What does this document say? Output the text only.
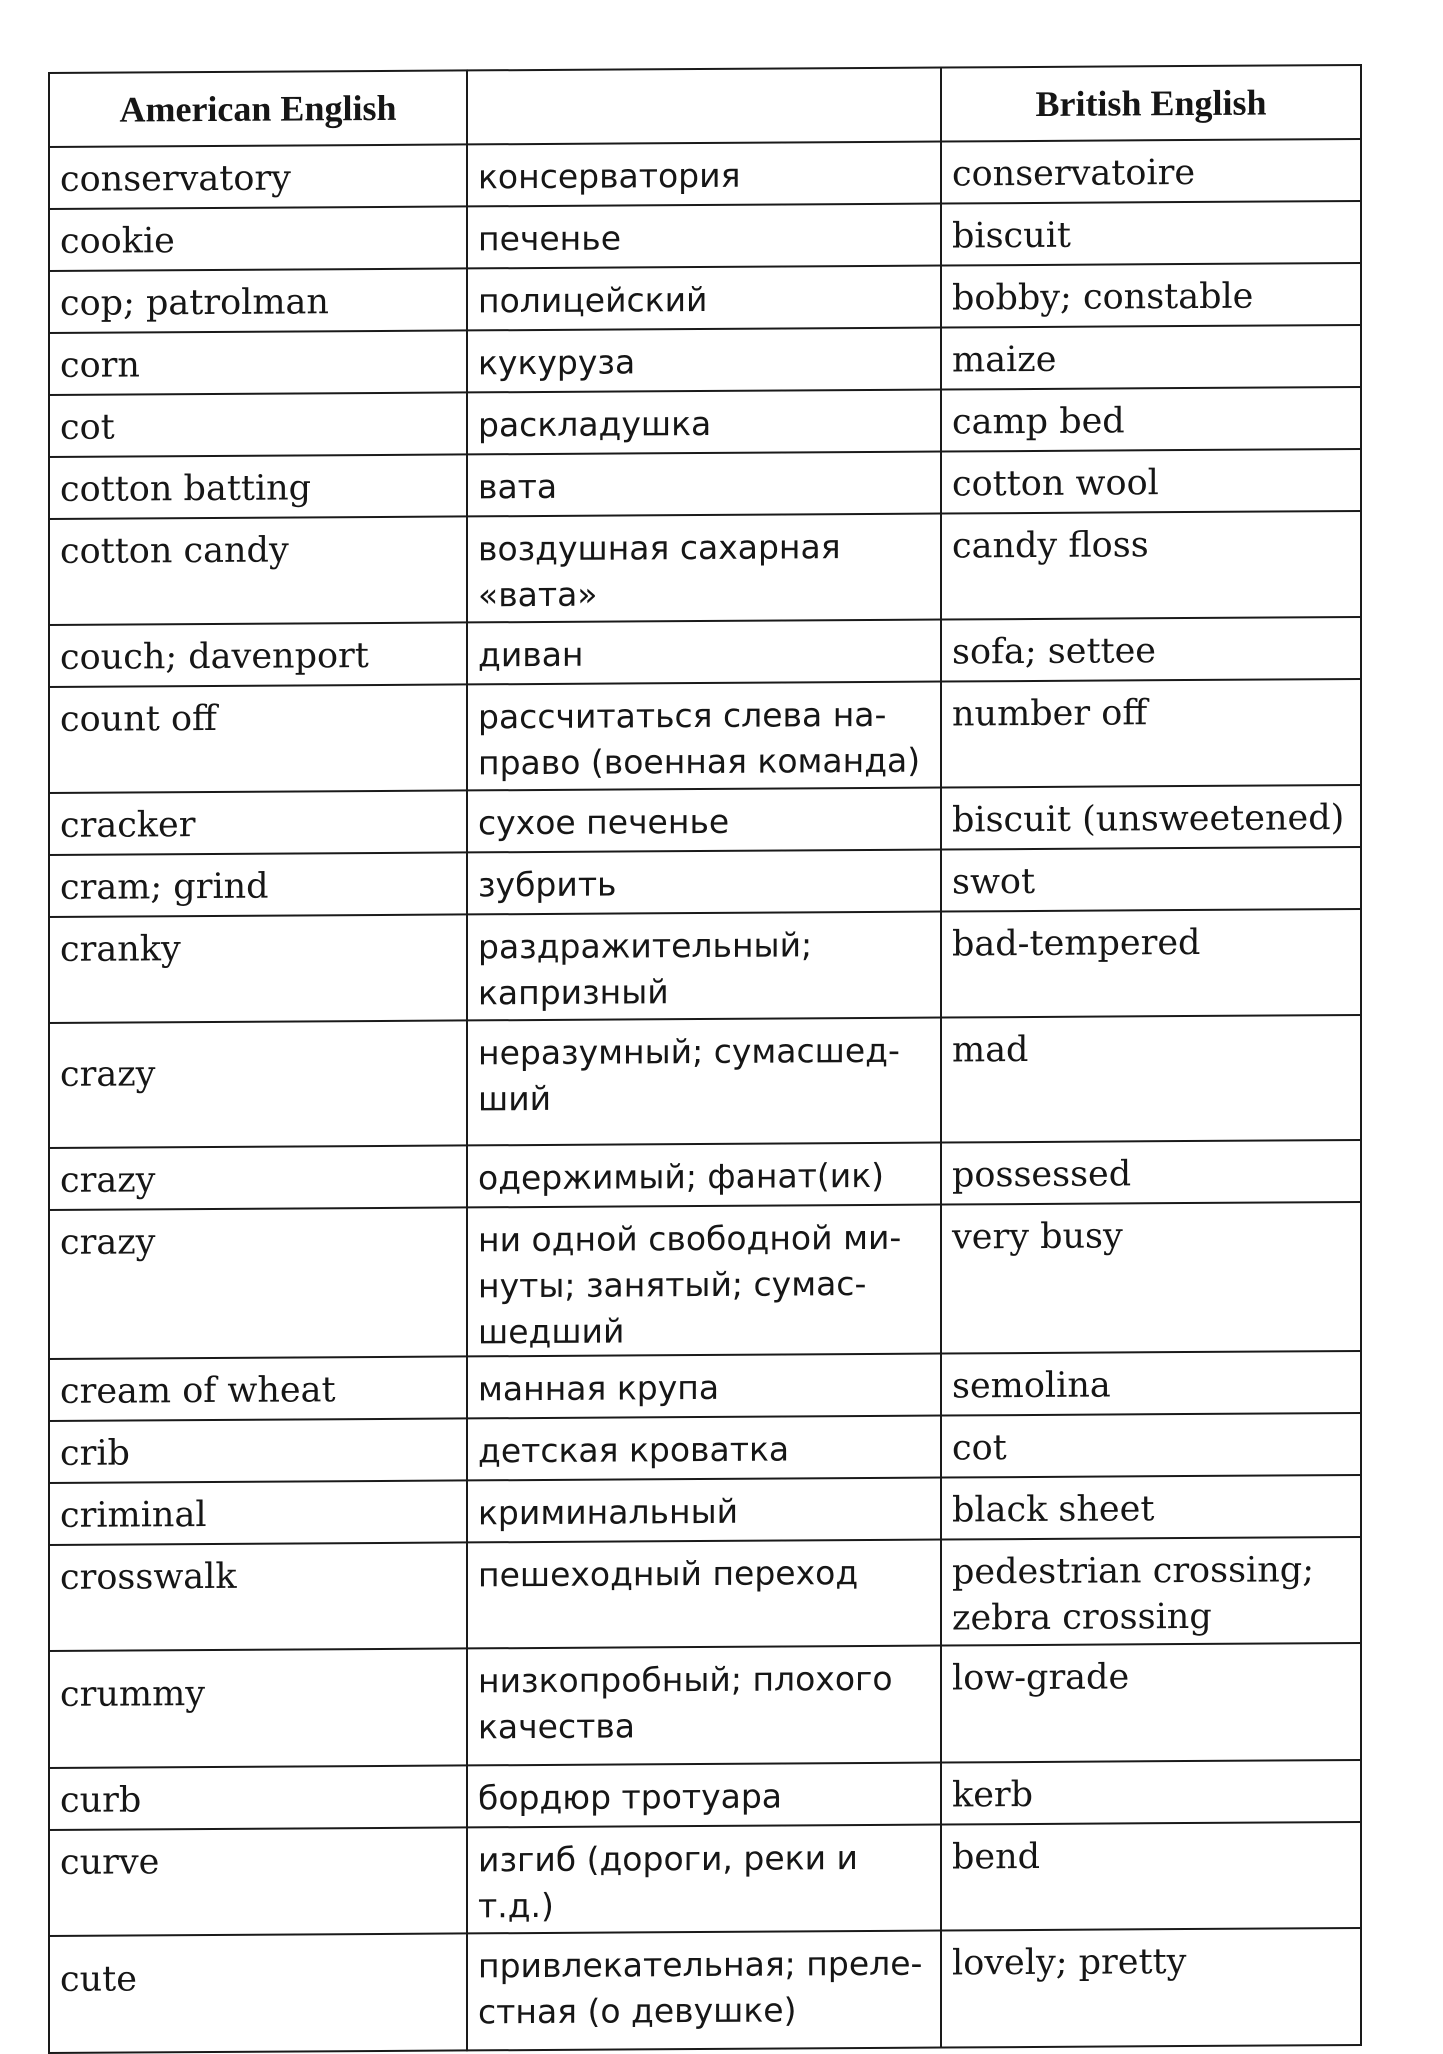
American English		British English
conservatory	консерватория	conservatoire
cookie	печенье	biscuit
cop; patrolman	полицейский	bobby; constable
corn	кукуруза	maize
cot	раскладушка	camp bed
cotton batting	вата	cotton wool
cotton candy	воздушная сахарная «вата»	candy floss
couch; davenport	диван	sofa; settee
count off	рассчитаться слева на-право (военная команда)	number off
cracker	сухое печенье	biscuit (unsweetened)
cram; grind	зубрить	swot
cranky	раздражительный; капризный	bad-tempered
crazy	неразумный; сумасшед-ший	mad
crazy	одержимый; фанат(ик)	possessed
crazy	ни одной свободной ми-нуты; занятый; сумас-шедший	very busy
cream of wheat	манная крупа	semolina
crib	детская кроватка	cot
criminal	криминальный	black sheet
crosswalk	пешеходный переход	pedestrian crossing; zebra crossing
crummy	низкопробный; плохого качества	low-grade
curb	бордюр тротуара	kerb
curve	изгиб (дороги, реки и т.д.)	bend
cute	привлекательная; преле-стная (о девушке)	lovely; pretty
